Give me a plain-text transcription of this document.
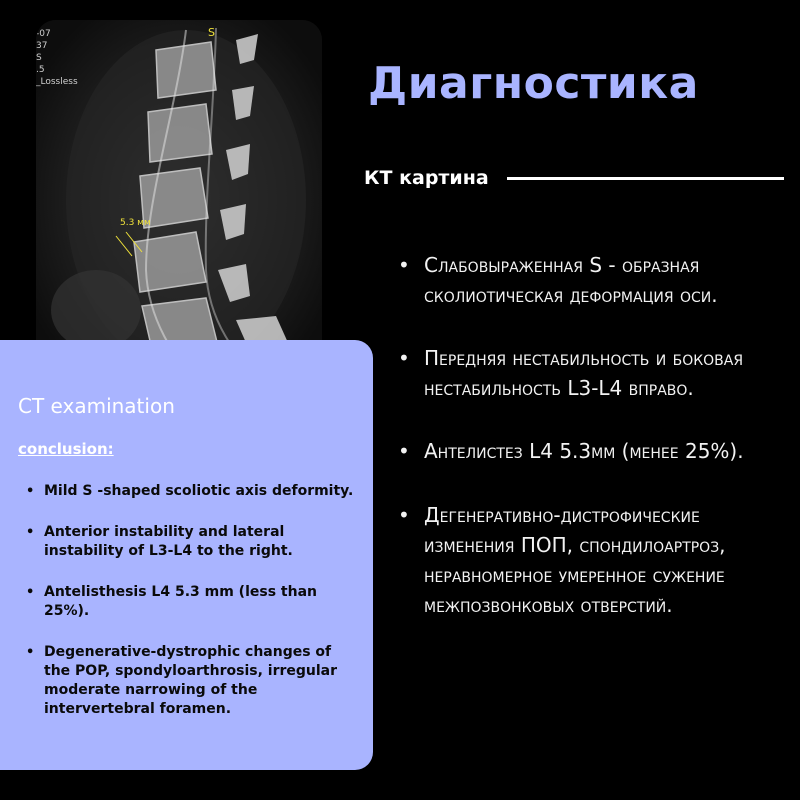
-07
37
S
.5
_Lossless
S
5.3 мм
Диагностика
КТ картина
• Слабовыраженная S - образная сколиотическая деформация оси.
• Передняя нестабильность и боковая нестабильность L3-L4 вправо.
• Антелистез L4 5.3мм (менее 25%).
• Дегенеративно-дистрофические изменения ПОП, спондилоартроз, неравномерное умеренное сужение межпозвонковых отверстий.
CT examination
conclusion:
• Mild S -shaped scoliotic axis deformity.
• Anterior instability and lateral instability of L3-L4 to the right.
• Antelisthesis L4 5.3 mm (less than 25%).
• Degenerative-dystrophic changes of the POP, spondyloarthrosis, irregular moderate narrowing of the intervertebral foramen.
